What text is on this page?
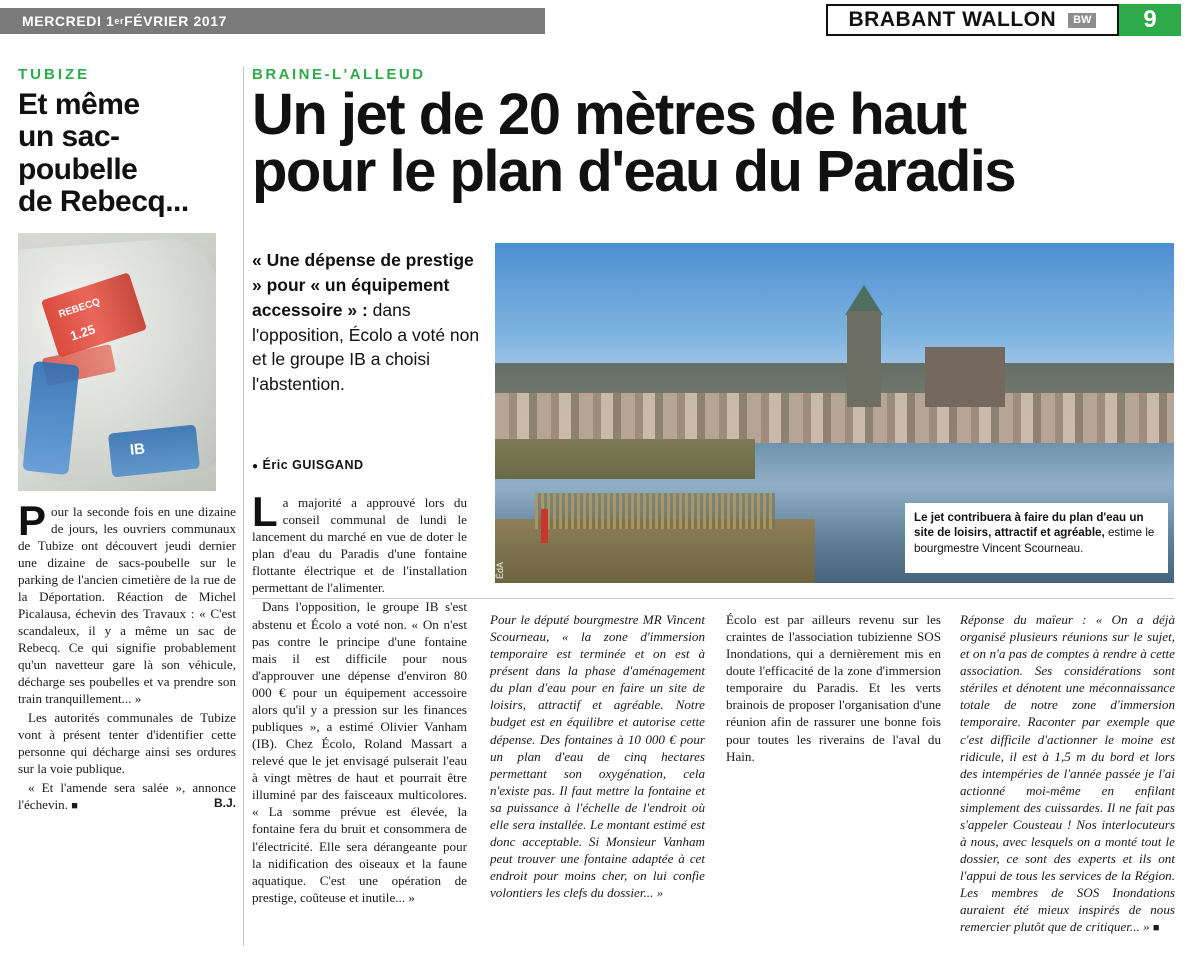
MERCREDI 1 er FÉVRIER 2017	BRABANT WALLON	BW	9
TUBIZE
Et même
un sac-poubelle
de Rebecq...
REBECQ
1.25
IB

Pour la seconde fois en une dizaine de jours, les ouvriers communaux de Tubize ont découvert jeudi dernier une dizaine de sacs-poubelle sur le parking de l'ancien cimetière de la rue de la Déportation. Réaction de Michel Picalausa, échevin des Travaux : « C'est scandaleux, il y a même un sac de Rebecq. Ce qui signifie probablement qu'un navetteur gare là son véhicule, décharge ses poubelles et va prendre son train tranquillement... »

Les autorités communales de Tubize vont à présent tenter d'identifier cette personne qui décharge ainsi ses ordures sur la voie publique.

« Et l'amende sera salée », annonce l'échevin. ■	B.J.

BRAINE-L'ALLEUD
Un jet de 20 mètres de haut
pour le plan d'eau du Paradis
« Une dépense de prestige » pour « un équipement accessoire » : dans l'opposition, Écolo a voté non et le groupe IB a choisi l'abstention.
● Éric GUISGAND
ÉdA
Le jet contribuera à faire du plan d'eau un site de loisirs, attractif et agréable, estime le bourgmestre Vincent Scourneau.

La majorité a approuvé lors du conseil communal de lundi le lancement du marché en vue de doter le plan d'eau du Paradis d'une fontaine flottante électrique et de l'installation permettant de l'alimenter.

Dans l'opposition, le groupe IB s'est abstenu et Écolo a voté non. « On n'est pas contre le principe d'une fontaine mais il est difficile pour nous d'approuver une dépense d'environ 80 000 € pour un équipement accessoire alors qu'il y a pression sur les finances publiques », a estimé Olivier Vanham (IB). Chez Écolo, Roland Massart a relevé que le jet envisagé pulserait l'eau à vingt mètres de haut et pourrait être illuminé par des faisceaux multicolores. « La somme prévue est élevée, la fontaine fera du bruit et consommera de l'électricité. Elle sera dérangeante pour la nidification des oiseaux et la faune aquatique. C'est une opération de prestige, coûteuse et inutile... »

Pour le député bourgmestre MR Vincent Scourneau, « la zone d'immersion temporaire est terminée et on est à présent dans la phase d'aménagement du plan d'eau pour en faire un site de loisirs, attractif et agréable. Notre budget est en équilibre et autorise cette dépense. Des fontaines à 10 000 € pour un plan d'eau de cinq hectares permettant son oxygénation, cela n'existe pas. Il faut mettre la fontaine et sa puissance à l'échelle de l'endroit où elle sera installée. Le montant estimé est donc acceptable. Si Monsieur Vanham peut trouver une fontaine adaptée à cet endroit pour moins cher, on lui confie volontiers les clefs du dossier... »

Écolo est par ailleurs revenu sur les craintes de l'association tubizienne SOS Inondations, qui a dernièrement mis en doute l'efficacité de la zone d'immersion temporaire du Paradis. Et les verts brainois de proposer l'organisation d'une réunion afin de rassurer une bonne fois pour toutes les riverains de l'aval du Hain.

Réponse du maïeur : « On a déjà organisé plusieurs réunions sur le sujet, et on n'a pas de comptes à rendre à cette association. Ses considérations sont stériles et dénotent une méconnaissance totale de notre zone d'immersion temporaire. Raconter par exemple que c'est difficile d'actionner le moine est ridicule, il est à 1,5 m du bord et lors des intempéries de l'année passée je l'ai actionné moi-même en enfilant simplement des cuissardes. Il ne fait pas s'appeler Cousteau ! Nos interlocuteurs à nous, avec lesquels on a monté tout le dossier, ce sont des experts et ils ont l'appui de tous les services de la Région. Les membres de SOS Inondations auraient été mieux inspirés de nous remercier plutôt que de critiquer... » ■
